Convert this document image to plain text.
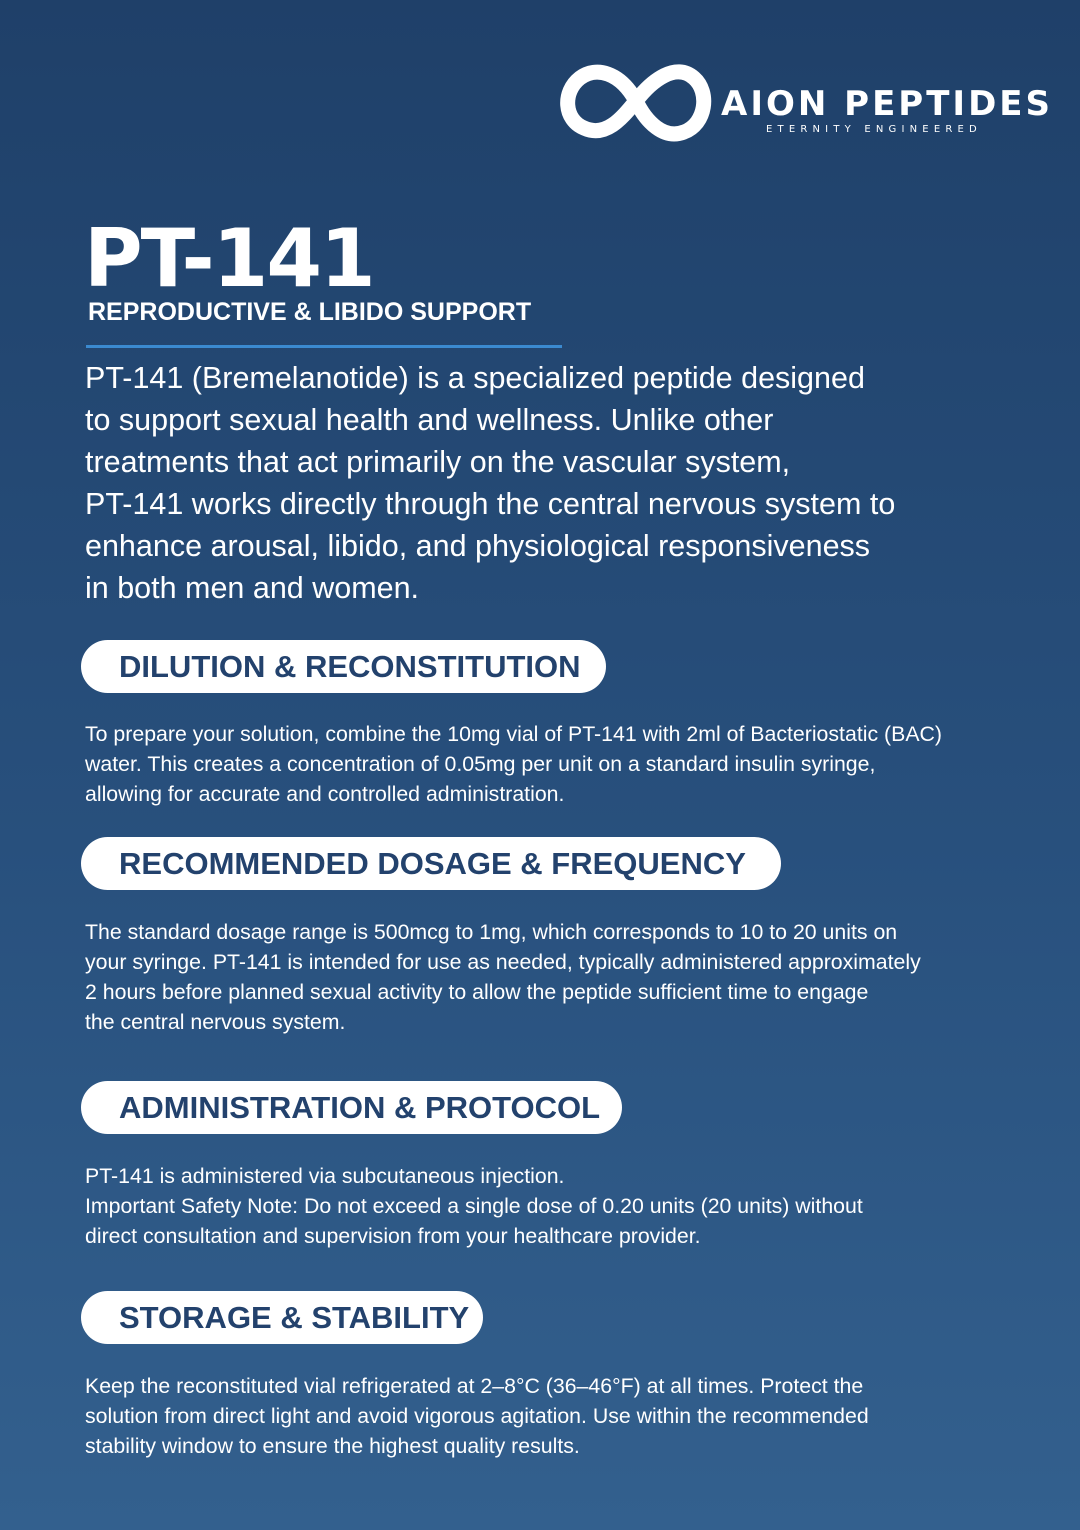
AION PEPTIDES
ETERNITY ENGINEERED
PT-141
REPRODUCTIVE & LIBIDO SUPPORT
PT-141 (Bremelanotide) is a specialized peptide designed
to support sexual health and wellness. Unlike other
treatments that act primarily on the vascular system,
PT-141 works directly through the central nervous system to
enhance arousal, libido, and physiological responsiveness
in both men and women.
DILUTION & RECONSTITUTION
To prepare your solution, combine the 10mg vial of PT-141 with 2ml of Bacteriostatic (BAC)
water. This creates a concentration of 0.05mg per unit on a standard insulin syringe,
allowing for accurate and controlled administration.
RECOMMENDED DOSAGE & FREQUENCY
The standard dosage range is 500mcg to 1mg, which corresponds to 10 to 20 units on
your syringe. PT-141 is intended for use as needed, typically administered approximately
2 hours before planned sexual activity to allow the peptide sufficient time to engage
the central nervous system.
ADMINISTRATION & PROTOCOL
PT-141 is administered via subcutaneous injection.
Important Safety Note: Do not exceed a single dose of 0.20 units (20 units) without
direct consultation and supervision from your healthcare provider.
STORAGE & STABILITY
Keep the reconstituted vial refrigerated at 2–8°C (36–46°F) at all times. Protect the
solution from direct light and avoid vigorous agitation. Use within the recommended
stability window to ensure the highest quality results.
